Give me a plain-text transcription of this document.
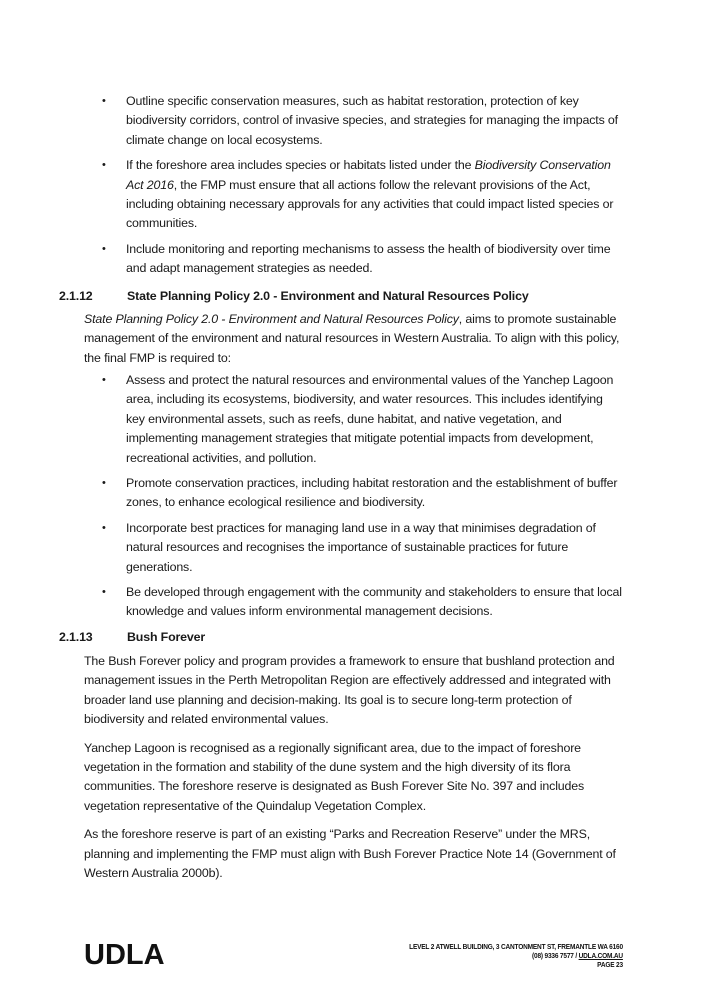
• Outline specific conservation measures, such as habitat restoration, protection of key biodiversity corridors, control of invasive species, and strategies for managing the impacts of climate change on local ecosystems.
• If the foreshore area includes species or habitats listed under the Biodiversity Conservation Act 2016, the FMP must ensure that all actions follow the relevant provisions of the Act, including obtaining necessary approvals for any activities that could impact listed species or communities.
• Include monitoring and reporting mechanisms to assess the health of biodiversity over time and adapt management strategies as needed.
2.1.12	State Planning Policy 2.0 - Environment and Natural Resources Policy

State Planning Policy 2.0 - Environment and Natural Resources Policy, aims to promote sustainable management of the environment and natural resources in Western Australia. To align with this policy, the final FMP is required to:

• Assess and protect the natural resources and environmental values of the Yanchep Lagoon area, including its ecosystems, biodiversity, and water resources. This includes identifying key environmental assets, such as reefs, dune habitat, and native vegetation, and implementing management strategies that mitigate potential impacts from development, recreational activities, and pollution.
• Promote conservation practices, including habitat restoration and the establishment of buffer zones, to enhance ecological resilience and biodiversity.
• Incorporate best practices for managing land use in a way that minimises degradation of natural resources and recognises the importance of sustainable practices for future generations.
• Be developed through engagement with the community and stakeholders to ensure that local knowledge and values inform environmental management decisions.
2.1.13	Bush Forever

The Bush Forever policy and program provides a framework to ensure that bushland protection and management issues in the Perth Metropolitan Region are effectively addressed and integrated with broader land use planning and decision-making. Its goal is to secure long-term protection of biodiversity and related environmental values.

Yanchep Lagoon is recognised as a regionally significant area, due to the impact of foreshore vegetation in the formation and stability of the dune system and the high diversity of its flora communities. The foreshore reserve is designated as Bush Forever Site No. 397 and includes vegetation representative of the Quindalup Vegetation Complex.

As the foreshore reserve is part of an existing “Parks and Recreation Reserve” under the MRS, planning and implementing the FMP must align with Bush Forever Practice Note 14 (Government of Western Australia 2000b).

UDLA	LEVEL 2 ATWELL BUILDING, 3 CANTONMENT ST, FREMANTLE WA 6160
(08) 9336 7577 / UDLA.COM.AU
PAGE 23
